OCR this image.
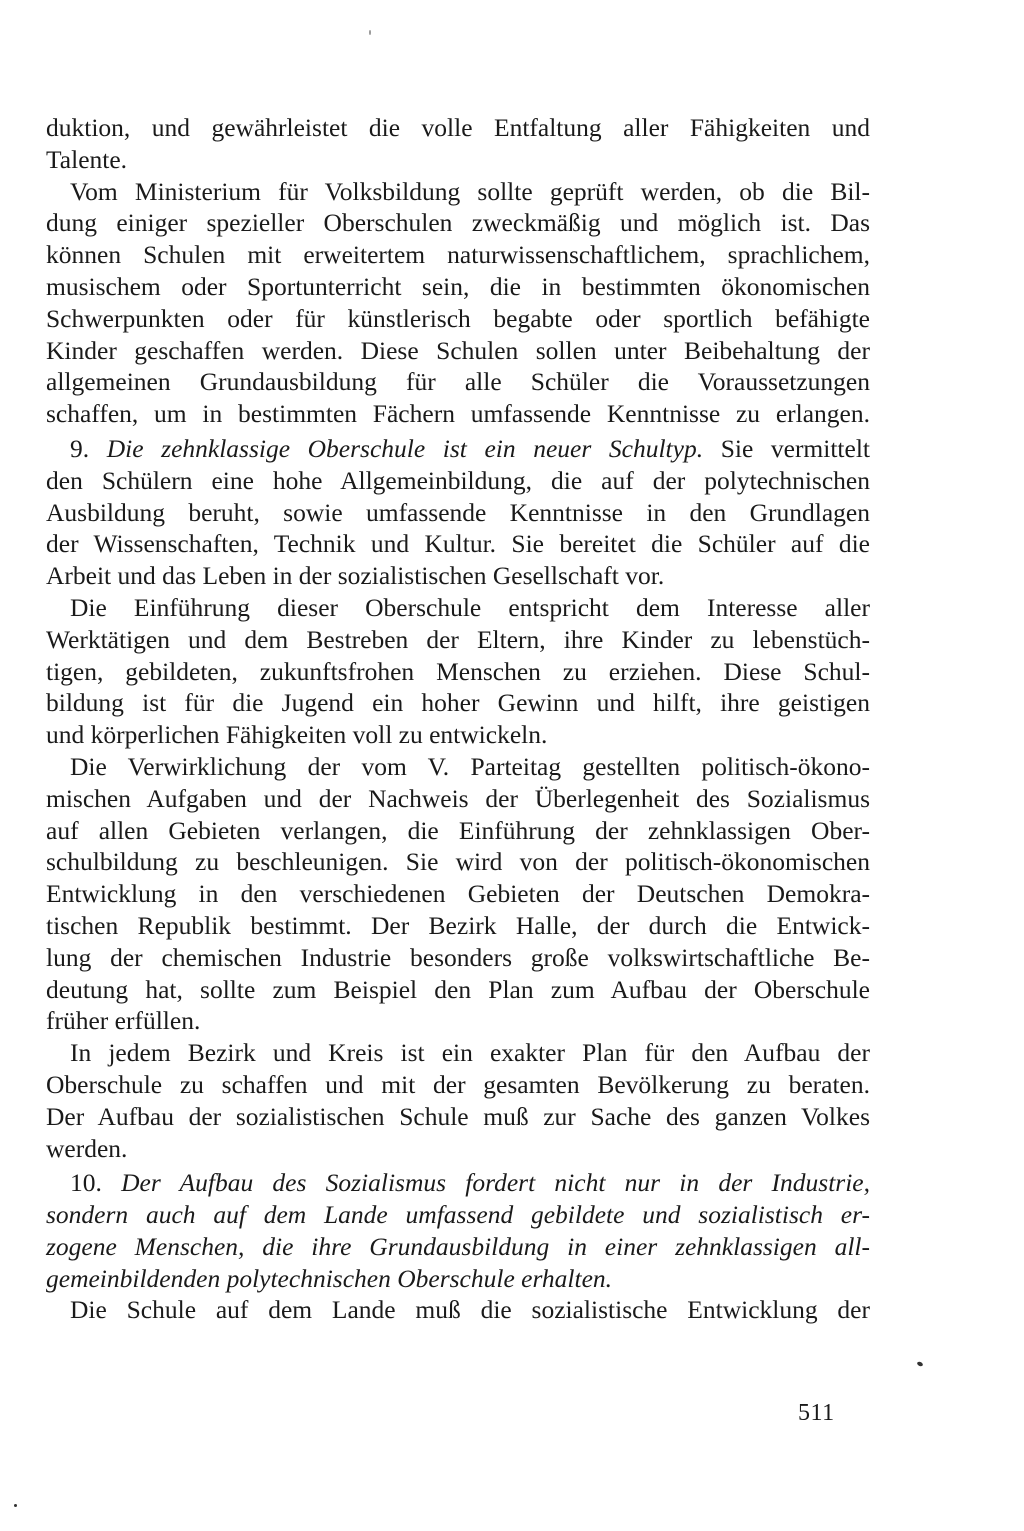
duktion, und gewährleistet die volle Entfaltung aller Fähigkeiten und
Talente.
Vom Ministerium für Volksbildung sollte geprüft werden, ob die Bil-
dung einiger spezieller Oberschulen zweckmäßig und möglich ist. Das
können Schulen mit erweitertem naturwissenschaftlichem, sprachlichem,
musischem oder Sportunterricht sein, die in bestimmten ökonomischen
Schwerpunkten oder für künstlerisch begabte oder sportlich befähigte
Kinder geschaffen werden. Diese Schulen sollen unter Beibehaltung der
allgemeinen Grundausbildung für alle Schüler die Voraussetzungen
schaffen, um in bestimmten Fächern umfassende Kenntnisse zu erlangen.
9. Die zehnklassige Oberschule ist ein neuer Schultyp. Sie vermittelt
den Schülern eine hohe Allgemeinbildung, die auf der polytechnischen
Ausbildung beruht, sowie umfassende Kenntnisse in den Grundlagen
der Wissenschaften, Technik und Kultur. Sie bereitet die Schüler auf die
Arbeit und das Leben in der sozialistischen Gesellschaft vor.
Die Einführung dieser Oberschule entspricht dem Interesse aller
Werktätigen und dem Bestreben der Eltern, ihre Kinder zu lebenstüch-
tigen, gebildeten, zukunftsfrohen Menschen zu erziehen. Diese Schul-
bildung ist für die Jugend ein hoher Gewinn und hilft, ihre geistigen
und körperlichen Fähigkeiten voll zu entwickeln.
Die Verwirklichung der vom V. Parteitag gestellten politisch-ökono-
mischen Aufgaben und der Nachweis der Überlegenheit des Sozialismus
auf allen Gebieten verlangen, die Einführung der zehnklassigen Ober-
schulbildung zu beschleunigen. Sie wird von der politisch-ökonomischen
Entwicklung in den verschiedenen Gebieten der Deutschen Demokra-
tischen Republik bestimmt. Der Bezirk Halle, der durch die Entwick-
lung der chemischen Industrie besonders große volkswirtschaftliche Be-
deutung hat, sollte zum Beispiel den Plan zum Aufbau der Oberschule
früher erfüllen.
In jedem Bezirk und Kreis ist ein exakter Plan für den Aufbau der
Oberschule zu schaffen und mit der gesamten Bevölkerung zu beraten.
Der Aufbau der sozialistischen Schule muß zur Sache des ganzen Volkes
werden.
10. Der Aufbau des Sozialismus fordert nicht nur in der Industrie,
sondern auch auf dem Lande umfassend gebildete und sozialistisch er-
zogene Menschen, die ihre Grundausbildung in einer zehnklassigen all-
gemeinbildenden polytechnischen Oberschule erhalten.
Die Schule auf dem Lande muß die sozialistische Entwicklung der
511
